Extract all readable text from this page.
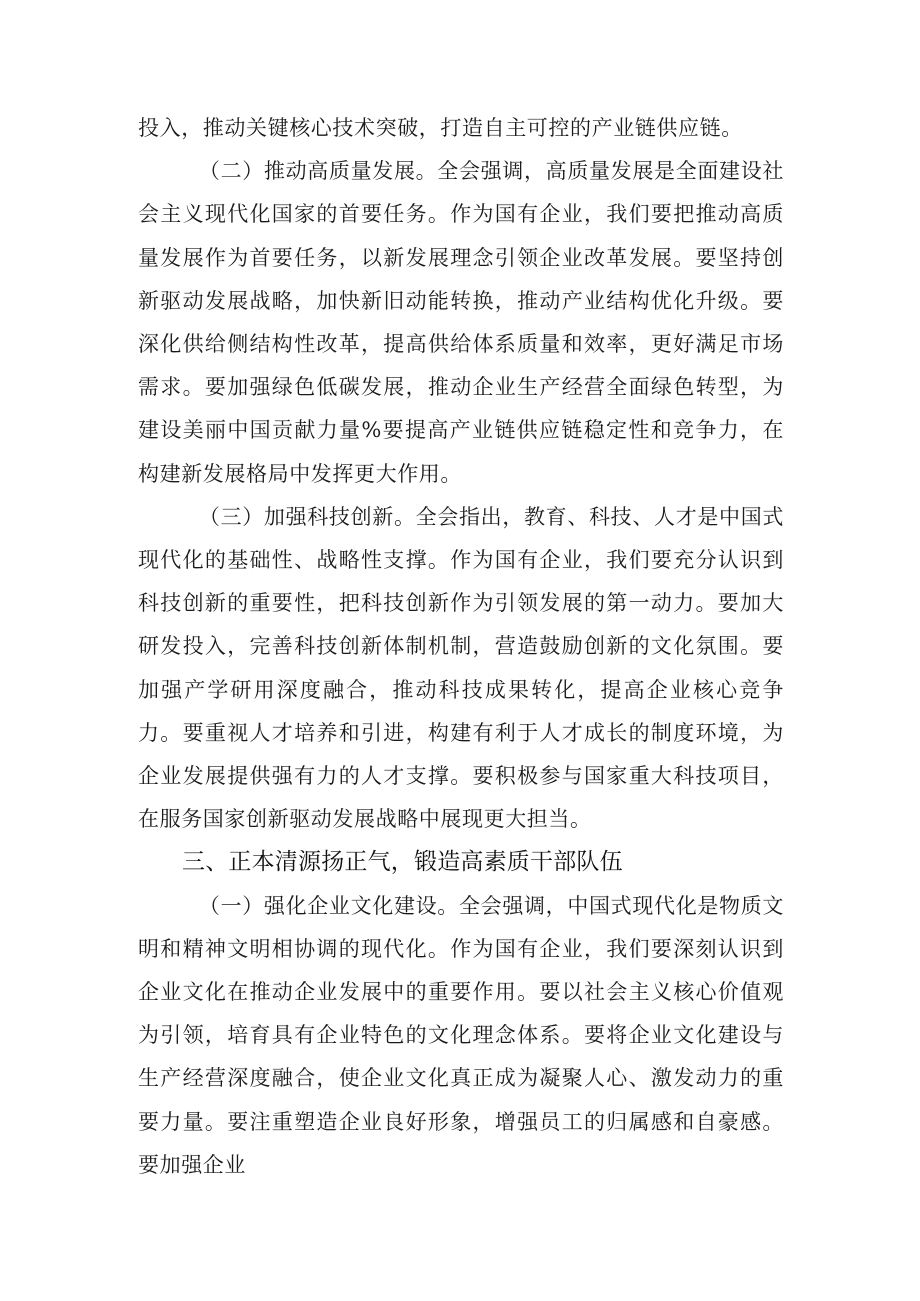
投入，推动关键核心技术突破，打造自主可控的产业链供应链。

（二）推动高质量发展。全会强调，高质量发展是全面建设社会主义现代化国家的首要任务。作为国有企业，我们要把推动高质量发展作为首要任务，以新发展理念引领企业改革发展。要坚持创新驱动发展战略，加快新旧动能转换，推动产业结构优化升级。要深化供给侧结构性改革，提高供给体系质量和效率，更好满足市场需求。要加强绿色低碳发展，推动企业生产经营全面绿色转型，为建设美丽中国贡献力量%要提高产业链供应链稳定性和竞争力，在构建新发展格局中发挥更大作用。

（三）加强科技创新。全会指出，教育、科技、人才是中国式现代化的基础性、战略性支撑。作为国有企业，我们要充分认识到科技创新的重要性，把科技创新作为引领发展的第一动力。要加大研发投入，完善科技创新体制机制，营造鼓励创新的文化氛围。要加强产学研用深度融合，推动科技成果转化，提高企业核心竞争力。要重视人才培养和引进，构建有利于人才成长的制度环境，为企业发展提供强有力的人才支撑。要积极参与国家重大科技项目，在服务国家创新驱动发展战略中展现更大担当。

三、正本清源扬正气，锻造高素质干部队伍

（一）强化企业文化建设。全会强调，中国式现代化是物质文明和精神文明相协调的现代化。作为国有企业，我们要深刻认识到企业文化在推动企业发展中的重要作用。要以社会主义核心价值观为引领，培育具有企业特色的文化理念体系。要将企业文化建设与生产经营深度融合，使企业文化真正成为凝聚人心、激发动力的重要力量。要注重塑造企业良好形象，增强员工的归属感和自豪感。要加强企业
